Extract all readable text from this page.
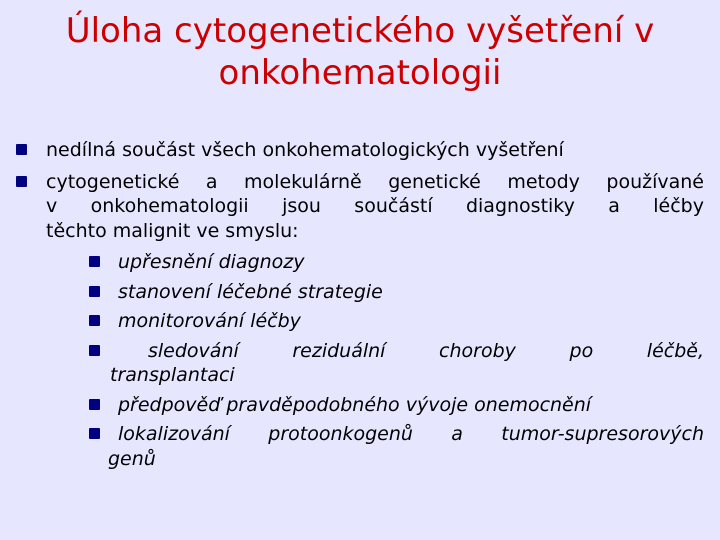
Úloha cytogenetického vyšetření v
onkohematologii
nedílná součást všech onkohematologických vyšetření
cytogenetické a molekulárně genetické metody používané
v onkohematologii jsou součástí diagnostiky a léčby
těchto malignit ve smyslu:
upřesnění diagnozy
stanovení léčebné strategie
monitorování léčby
sledování reziduální choroby po léčbě,
transplantaci
předpověď pravděpodobného vývoje onemocnění
lokalizování protoonkogenů a tumor-supresorových
genů
